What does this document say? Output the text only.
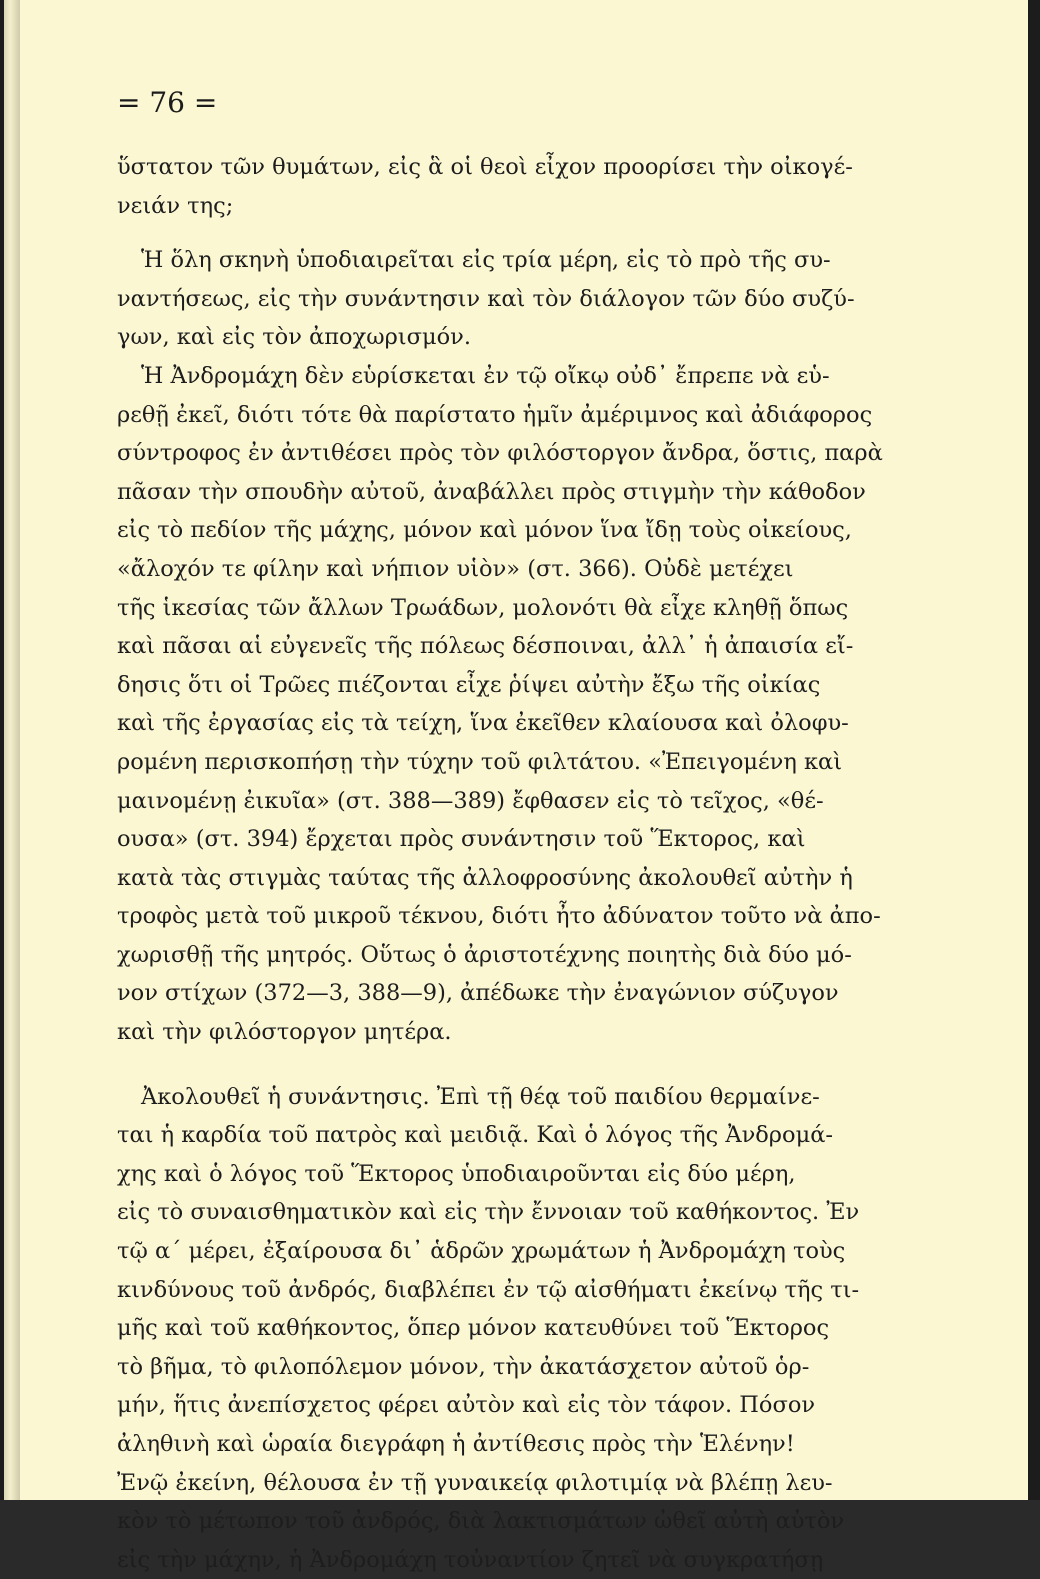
= 76 =

ὕστατον τῶν θυμάτων, εἰς ἃ οἱ θεοὶ εἶχον προορίσει τὴν οἰκογέ-
νειάν της;
Ἡ ὅλη σκηνὴ ὑποδιαιρεῖται εἰς τρία μέρη, εἰς τὸ πρὸ τῆς συ-
ναντήσεως, εἰς τὴν συνάντησιν καὶ τὸν διάλογον τῶν δύο συζύ-
γων, καὶ εἰς τὸν ἀποχωρισμόν.
Ἡ Ἀνδρομάχη δὲν εὑρίσκεται ἐν τῷ οἴκῳ οὐδ᾽ ἔπρεπε νὰ εὑ-
ρεθῇ ἐκεῖ, διότι τότε θὰ παρίστατο ἡμῖν ἀμέριμνος καὶ ἀδιάφορος
σύντροφος ἐν ἀντιθέσει πρὸς τὸν φιλόστοργον ἄνδρα, ὅστις, παρὰ
πᾶσαν τὴν σπουδὴν αὐτοῦ, ἀναβάλλει πρὸς στιγμὴν τὴν κάθοδον
εἰς τὸ πεδίον τῆς μάχης, μόνον καὶ μόνον ἵνα ἴδῃ τοὺς οἰκείους,
«ἄλοχόν τε φίλην καὶ νήπιον υἱὸν» (στ. 366). Οὐδὲ μετέχει
τῆς ἱκεσίας τῶν ἄλλων Τρωάδων, μολονότι θὰ εἶχε κληθῇ ὅπως
καὶ πᾶσαι αἱ εὐγενεῖς τῆς πόλεως δέσποιναι, ἀλλ᾽ ἡ ἀπαισία εἴ-
δησις ὅτι οἱ Τρῶες πιέζονται εἶχε ῥίψει αὐτὴν ἔξω τῆς οἰκίας
καὶ τῆς ἐργασίας εἰς τὰ τείχη, ἵνα ἐκεῖθεν κλαίουσα καὶ ὀλοφυ-
ρομένη περισκοπήσῃ τὴν τύχην τοῦ φιλτάτου. «Ἐπειγομένη καὶ
μαινομένῃ ἐικυῖα» (στ. 388—389) ἔφθασεν εἰς τὸ τεῖχος, «θέ-
ουσα» (στ. 394) ἔρχεται πρὸς συνάντησιν τοῦ Ἕκτορος, καὶ
κατὰ τὰς στιγμὰς ταύτας τῆς ἀλλοφροσύνης ἀκολουθεῖ αὐτὴν ἡ
τροφὸς μετὰ τοῦ μικροῦ τέκνου, διότι ἦτο ἀδύνατον τοῦτο νὰ ἀπο-
χωρισθῇ τῆς μητρός. Οὕτως ὁ ἀριστοτέχνης ποιητὴς διὰ δύο μό-
νον στίχων (372—3, 388—9), ἀπέδωκε τὴν ἐναγώνιον σύζυγον
καὶ τὴν φιλόστοργον μητέρα.
Ἀκολουθεῖ ἡ συνάντησις. Ἐπὶ τῇ θέᾳ τοῦ παιδίου θερμαίνε-
ται ἡ καρδία τοῦ πατρὸς καὶ μειδιᾷ. Καὶ ὁ λόγος τῆς Ἀνδρομά-
χης καὶ ὁ λόγος τοῦ Ἕκτορος ὑποδιαιροῦνται εἰς δύο μέρη,
εἰς τὸ συναισθηματικὸν καὶ εἰς τὴν ἔννοιαν τοῦ καθήκοντος. Ἐν
τῷ α´ μέρει, ἐξαίρουσα δι᾽ ἁδρῶν χρωμάτων ἡ Ἀνδρομάχη τοὺς
κινδύνους τοῦ ἀνδρός, διαβλέπει ἐν τῷ αἰσθήματι ἐκείνῳ τῆς τι-
μῆς καὶ τοῦ καθήκοντος, ὅπερ μόνον κατευθύνει τοῦ Ἕκτορος
τὸ βῆμα, τὸ φιλοπόλεμον μόνον, τὴν ἀκατάσχετον αὐτοῦ ὁρ-
μήν, ἥτις ἀνεπίσχετος φέρει αὐτὸν καὶ εἰς τὸν τάφον. Πόσον
ἀληθινὴ καὶ ὡραία διεγράφη ἡ ἀντίθεσις πρὸς τὴν Ἑλένην!
Ἐνῷ ἐκείνη, θέλουσα ἐν τῇ γυναικείᾳ φιλοτιμίᾳ νὰ βλέπῃ λευ-
κὸν τὸ μέτωπον τοῦ ἀνδρός, διὰ λακτισμάτων ὠθεῖ αὐτὴ αὐτὸν
εἰς τὴν μάχην, ἡ Ἀνδρομάχη τοὐναντίον ζητεῖ νὰ συγκρατήσῃ
